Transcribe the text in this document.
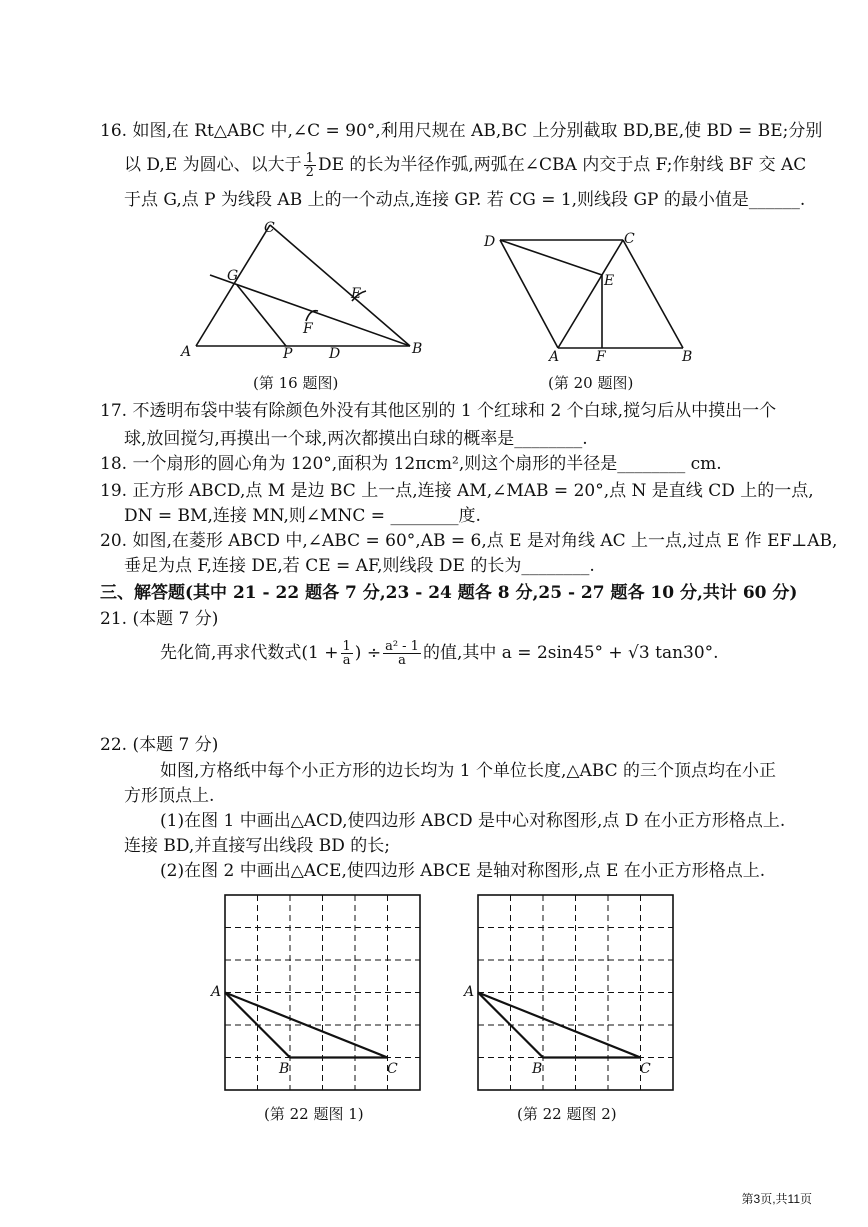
16. 如图,在 Rt△ABC 中,∠C = 90°,利用尺规在 AB,BC 上分别截取 BD,BE,使 BD = BE;分别
以 D,E 为圆心、以大于 $\frac{1}{2}$ DE 的长为半径作弧,两弧在∠CBA 内交于点 F;作射线 BF 交 AC
于点 G,点 P 为线段 AB 上的一个动点,连接 GP. 若 CG = 1,则线段 GP 的最小值是______.
C
G
E
F
A	P	D	B
(第 16 题图)
D	C
E
A	F	B
(第 20 题图)
17. 不透明布袋中装有除颜色外没有其他区别的 1 个红球和 2 个白球,搅匀后从中摸出一个
球,放回搅匀,再摸出一个球,两次都摸出白球的概率是________.
18. 一个扇形的圆心角为 120°,面积为 12πcm²,则这个扇形的半径是________ cm.
19. 正方形 ABCD,点 M 是边 BC 上一点,连接 AM,∠MAB = 20°,点 N 是直线 CD 上的一点,
DN = BM,连接 MN,则∠MNC = ________度.
20. 如图,在菱形 ABCD 中,∠ABC = 60°,AB = 6,点 E 是对角线 AC 上一点,过点 E 作 EF⊥AB,
垂足为点 F,连接 DE,若 CE = AF,则线段 DE 的长为________.
三、解答题(其中 21 - 22 题各 7 分,23 - 24 题各 8 分,25 - 27 题各 10 分,共计 60 分)
21. (本题 7 分)
先化简,再求代数式($1 + \frac{1}{a}$ ) ÷ $\frac{\text{a² - 1}}{a}$ 的值,其中 a = 2sin45° + √3 tan30°.
22. (本题 7 分)
如图,方格纸中每个小正方形的边长均为 1 个单位长度,△ABC 的三个顶点均在小正
方形顶点上.
(1)在图 1 中画出△ACD,使四边形 ABCD 是中心对称图形,点 D 在小正方形格点上.
连接 BD,并直接写出线段 BD 的长;
(2)在图 2 中画出△ACE,使四边形 ABCE 是轴对称图形,点 E 在小正方形格点上.
A
B	C
(第 22 题图 1)
A
B	C
(第 22 题图 2)
第3页,共11页
